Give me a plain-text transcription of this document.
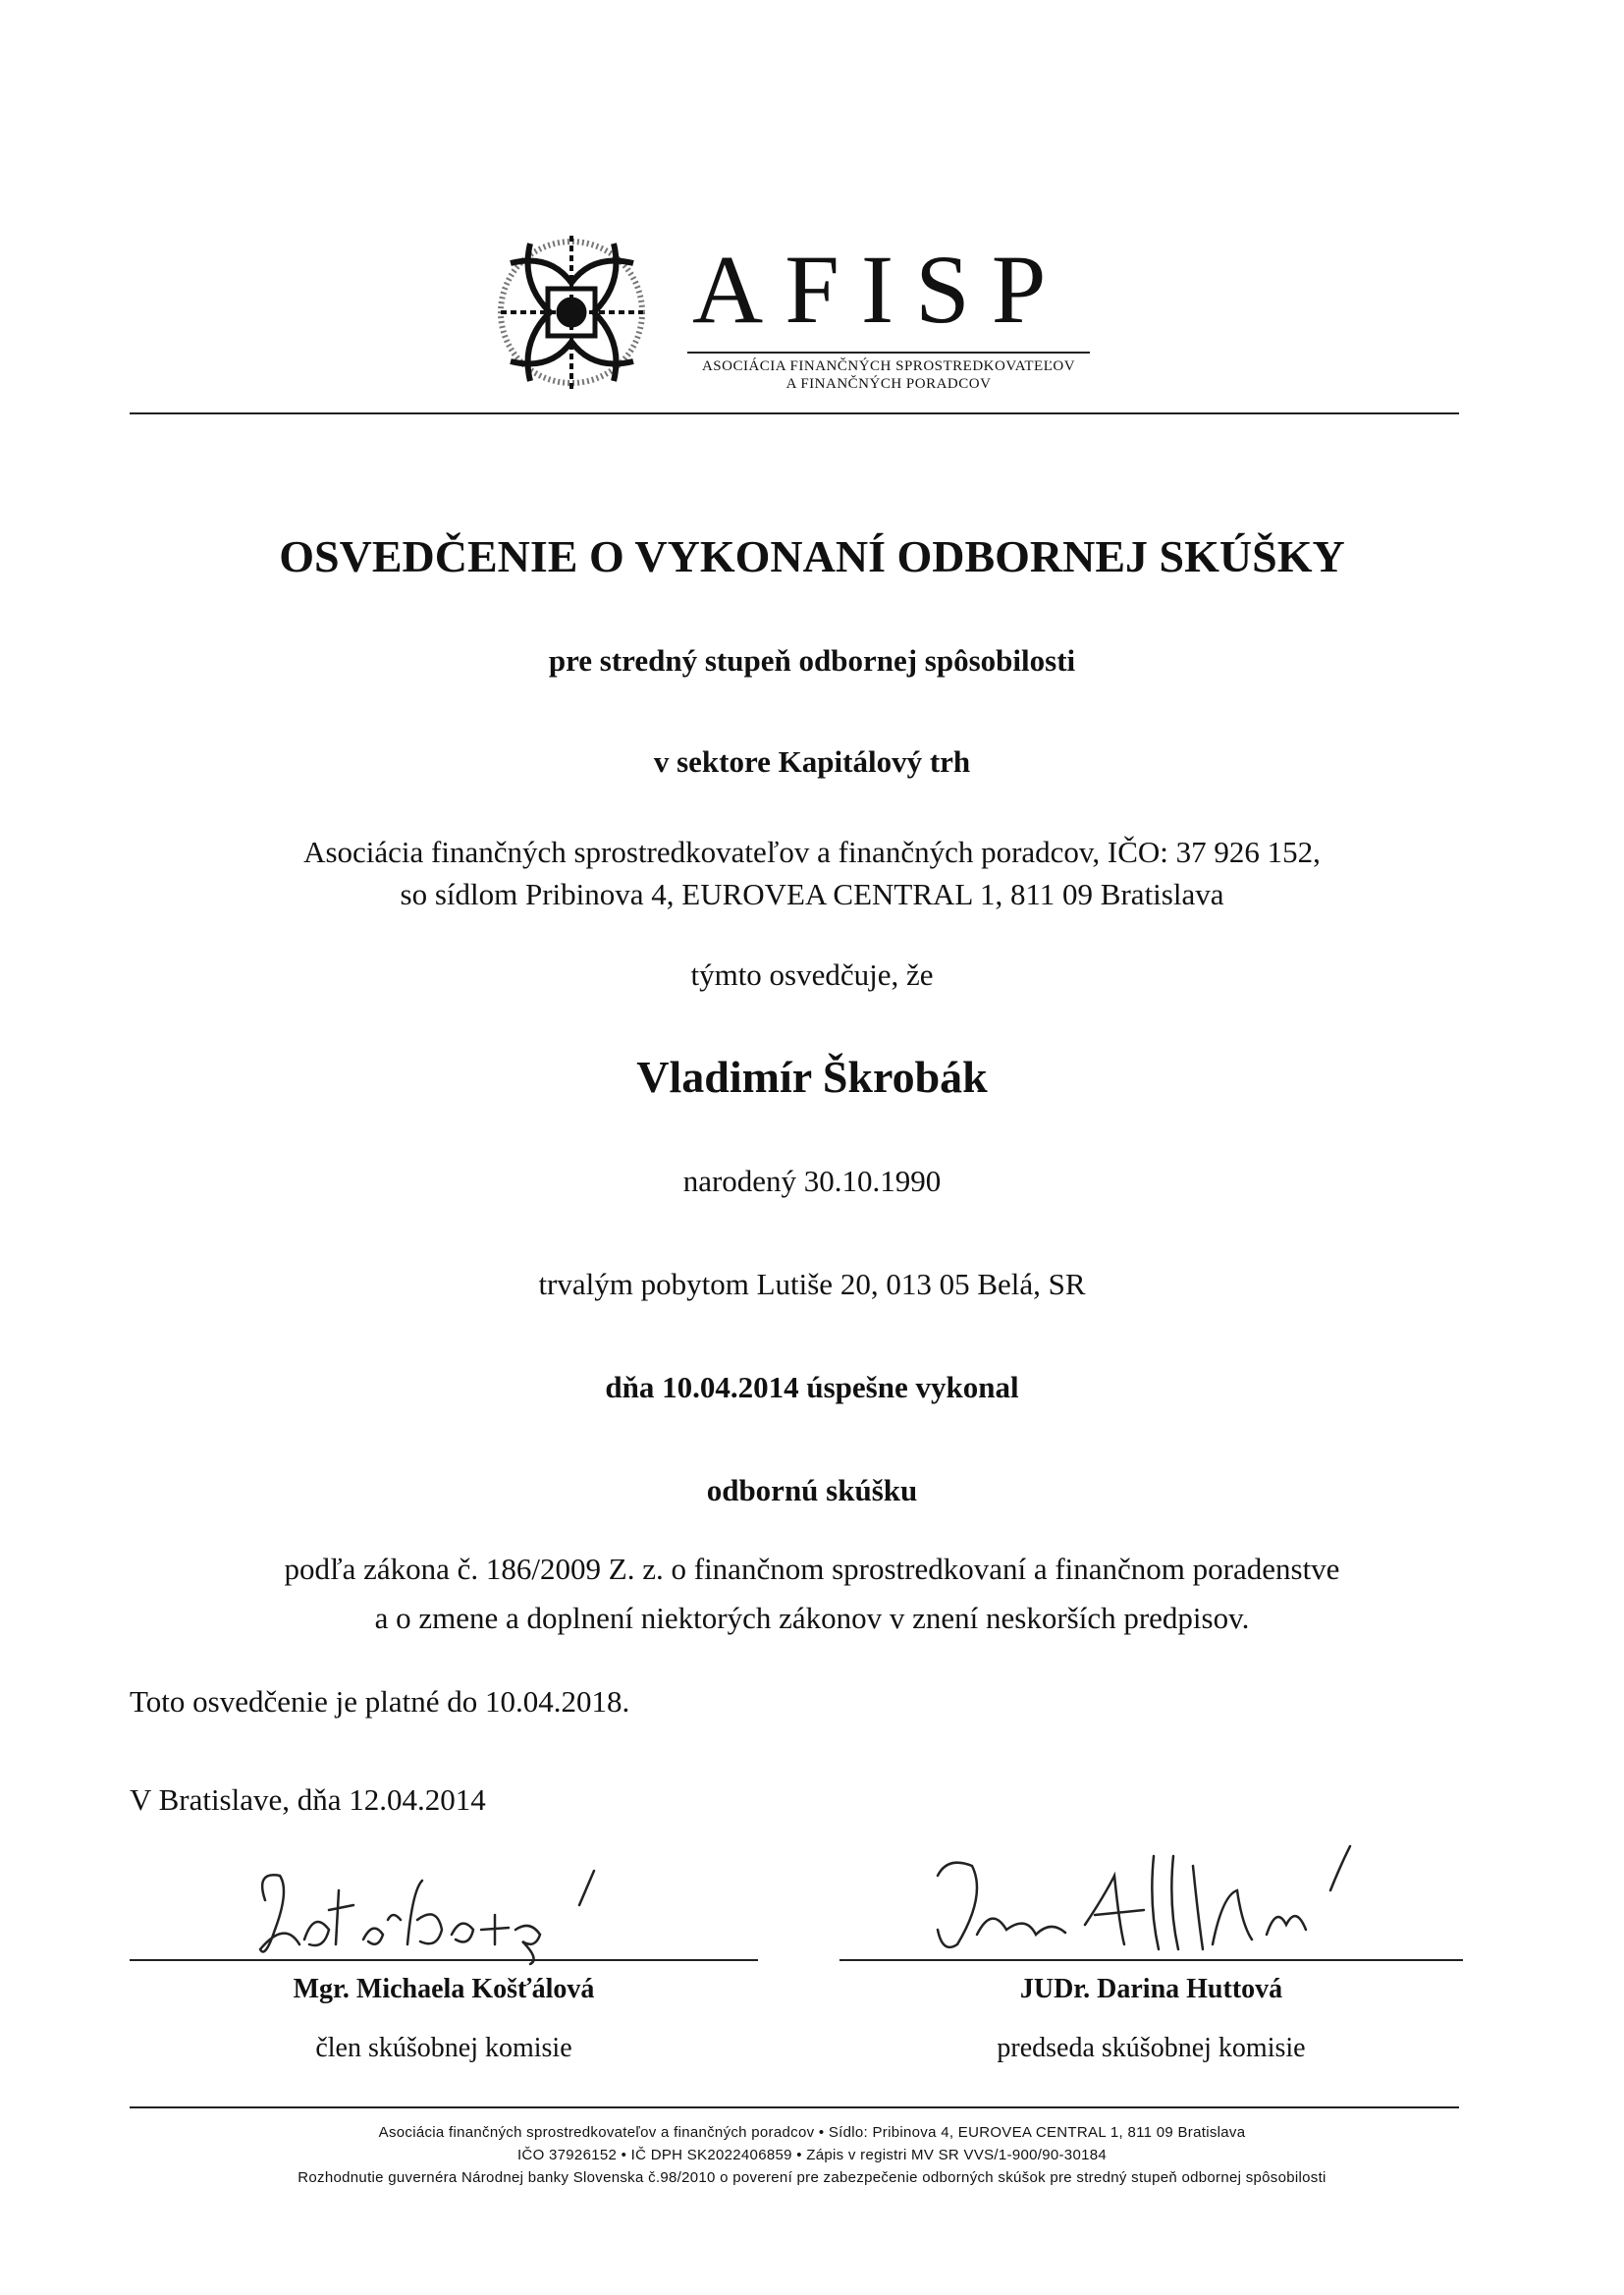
AFISP
ASOCIÁCIA FINANČNÝCH SPROSTREDKOVATEĽOV
A FINANČNÝCH PORADCOV
OSVEDČENIE O VYKONANÍ ODBORNEJ SKÚŠKY
pre stredný stupeň odbornej spôsobilosti
v sektore Kapitálový trh
Asociácia finančných sprostredkovateľov a finančných poradcov, IČO: 37 926 152,
so sídlom Pribinova 4, EUROVEA CENTRAL 1, 811 09 Bratislava
týmto osvedčuje, že
Vladimír Škrobák
narodený 30.10.1990
trvalým pobytom Lutiše 20, 013 05 Belá, SR
dňa 10.04.2014 úspešne vykonal
odbornú skúšku
podľa zákona č. 186/2009 Z. z. o finančnom sprostredkovaní a finančnom poradenstve
a o zmene a doplnení niektorých zákonov v znení neskorších predpisov.
Toto osvedčenie je platné do 10.04.2018.
V Bratislave, dňa 12.04.2014
Mgr. Michaela Košťálová
člen skúšobnej komisie
JUDr. Darina Huttová
predseda skúšobnej komisie
Asociácia finančných sprostredkovateľov a finančných poradcov • Sídlo: Pribinova 4, EUROVEA CENTRAL 1, 811 09 Bratislava
IČO 37926152 • IČ DPH SK2022406859 • Zápis v registri MV SR VVS/1-900/90-30184
Rozhodnutie guvernéra Národnej banky Slovenska č.98/2010 o poverení pre zabezpečenie odborných skúšok pre stredný stupeň odbornej spôsobilosti
